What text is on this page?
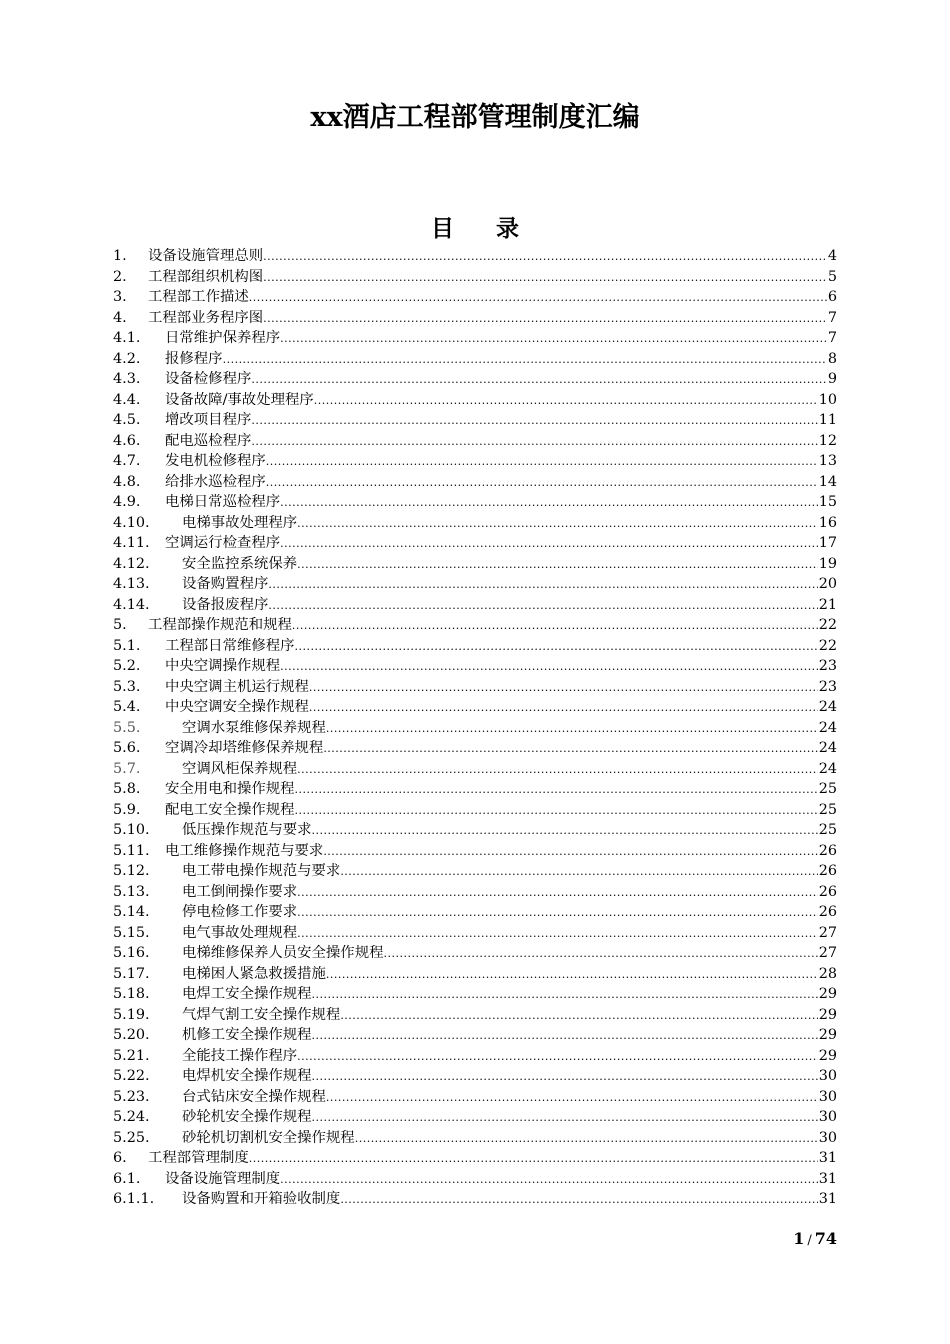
xx酒店工程部管理制度汇编
目 录
1. 设备设施管理总则 .....	4
2. 工程部组织机构图 .....	5
3. 工程部工作描述 .....	6
4. 工程部业务程序图 .....	7
4.1. 日常维护保养程序 .....	7
4.2. 报修程序 .....	8
4.3. 设备检修程序 .....	9
4.4. 设备故障/事故处理程序 .....	10
4.5. 增改项目程序 .....	11
4.6. 配电巡检程序 .....	12
4.7. 发电机检修程序 .....	13
4.8. 给排水巡检程序 .....	14
4.9. 电梯日常巡检程序 .....	15
4.10. 电梯事故处理程序 .....	16
4.11. 空调运行检查程序 .....	17
4.12. 安全监控系统保养 .....	19
4.13. 设备购置程序 .....	20
4.14. 设备报废程序 .....	21
5. 工程部操作规范和规程 .....	22
5.1. 工程部日常维修程序 .....	22
5.2. 中央空调操作规程 .....	23
5.3. 中央空调主机运行规程 .....	23
5.4. 中央空调安全操作规程 .....	24
5.5.	空调水泵维修保养规程 .....	24
5.6. 空调冷却塔维修保养规程 .....	24
5.7.	空调风柜保养规程 .....	24
5.8. 安全用电和操作规程 .....	25
5.9. 配电工安全操作规程 .....	25
5.10. 低压操作规范与要求 .....	25
5.11. 电工维修操作规范与要求 .....	26
5.12. 电工带电操作规范与要求 .....	26
5.13. 电工倒闸操作要求 .....	26
5.14. 停电检修工作要求 .....	26
5.15. 电气事故处理规程 .....	27
5.16. 电梯维修保养人员安全操作规程 .....	27
5.17. 电梯困人紧急救援措施 .....	28
5.18. 电焊工安全操作规程 .....	29
5.19. 气焊气割工安全操作规程 .....	29
5.20. 机修工安全操作规程 .....	29
5.21. 全能技工操作程序 .....	29
5.22. 电焊机安全操作规程 .....	30
5.23. 台式钻床安全操作规程 .....	30
5.24. 砂轮机安全操作规程 .....	30
5.25. 砂轮机切割机安全操作规程 .....	30
6. 工程部管理制度 .....	31
6.1. 设备设施管理制度 .....	31
6.1.1. 设备购置和开箱验收制度 .....	31
1 / 74
